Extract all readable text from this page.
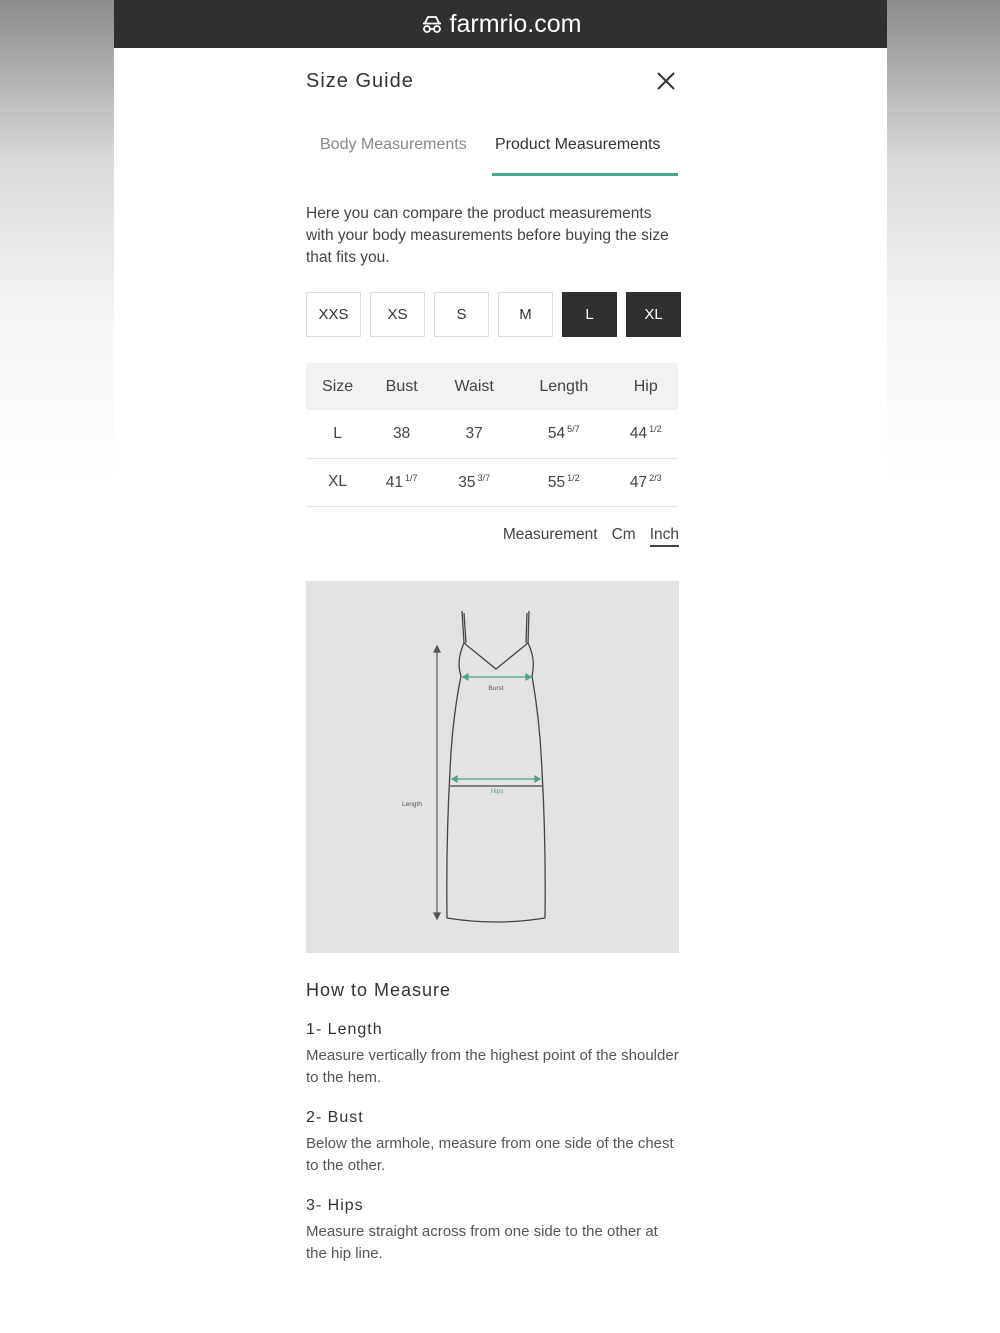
farmrio.com
Size Guide
Body Measurements Product Measurements

Here you can compare the product measurements with your body measurements before buying the size that fits you.

XXS	XS	S	M	L	XL
Size	Bust	Waist	Length	Hip
L	38	37	54 $^{5/7}$	44 $^{1/2}$
XL	41 $^{1/7}$	35 $^{3/7}$	55 $^{1/2}$	47 $^{2/3}$
Measurement Cm Inch
Burst
Hips
Length
How to Measure
1- Length

Measure vertically from the highest point of the shoulder to the hem.

2- Bust

Below the armhole, measure from one side of the chest to the other.

3- Hips

Measure straight across from one side to the other at the hip line.
